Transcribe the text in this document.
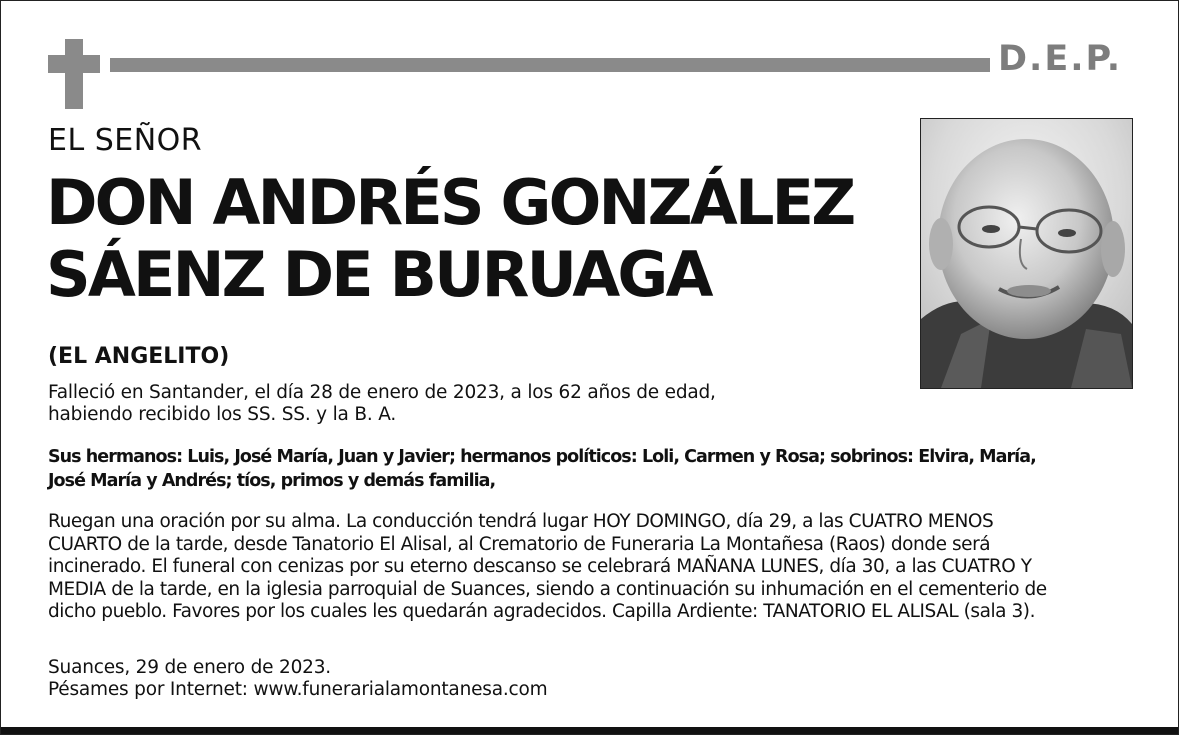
D.E.P.
EL SEÑOR
DON ANDRÉS GONZÁLEZ
SÁENZ DE BURUAGA
(EL ANGELITO)

Falleció en Santander, el día 28 de enero de 2023, a los 62 años de edad,
habiendo recibido los SS. SS. y la B. A.

Sus hermanos: Luis, José María, Juan y Javier; hermanos políticos: Loli, Carmen y Rosa; sobrinos: Elvira, María,
José María y Andrés; tíos, primos y demás familia,

Ruegan una oración por su alma. La conducción tendrá lugar HOY DOMINGO, día 29, a las CUATRO MENOS
CUARTO de la tarde, desde Tanatorio El Alisal, al Crematorio de Funeraria La Montañesa (Raos) donde será
incinerado. El funeral con cenizas por su eterno descanso se celebrará MAÑANA LUNES, día 30, a las CUATRO Y
MEDIA de la tarde, en la iglesia parroquial de Suances, siendo a continuación su inhumación en el cementerio de
dicho pueblo. Favores por los cuales les quedarán agradecidos. Capilla Ardiente: TANATORIO EL ALISAL (sala 3).

Suances, 29 de enero de 2023.
Pésames por Internet: www.funerarialamontanesa.com
